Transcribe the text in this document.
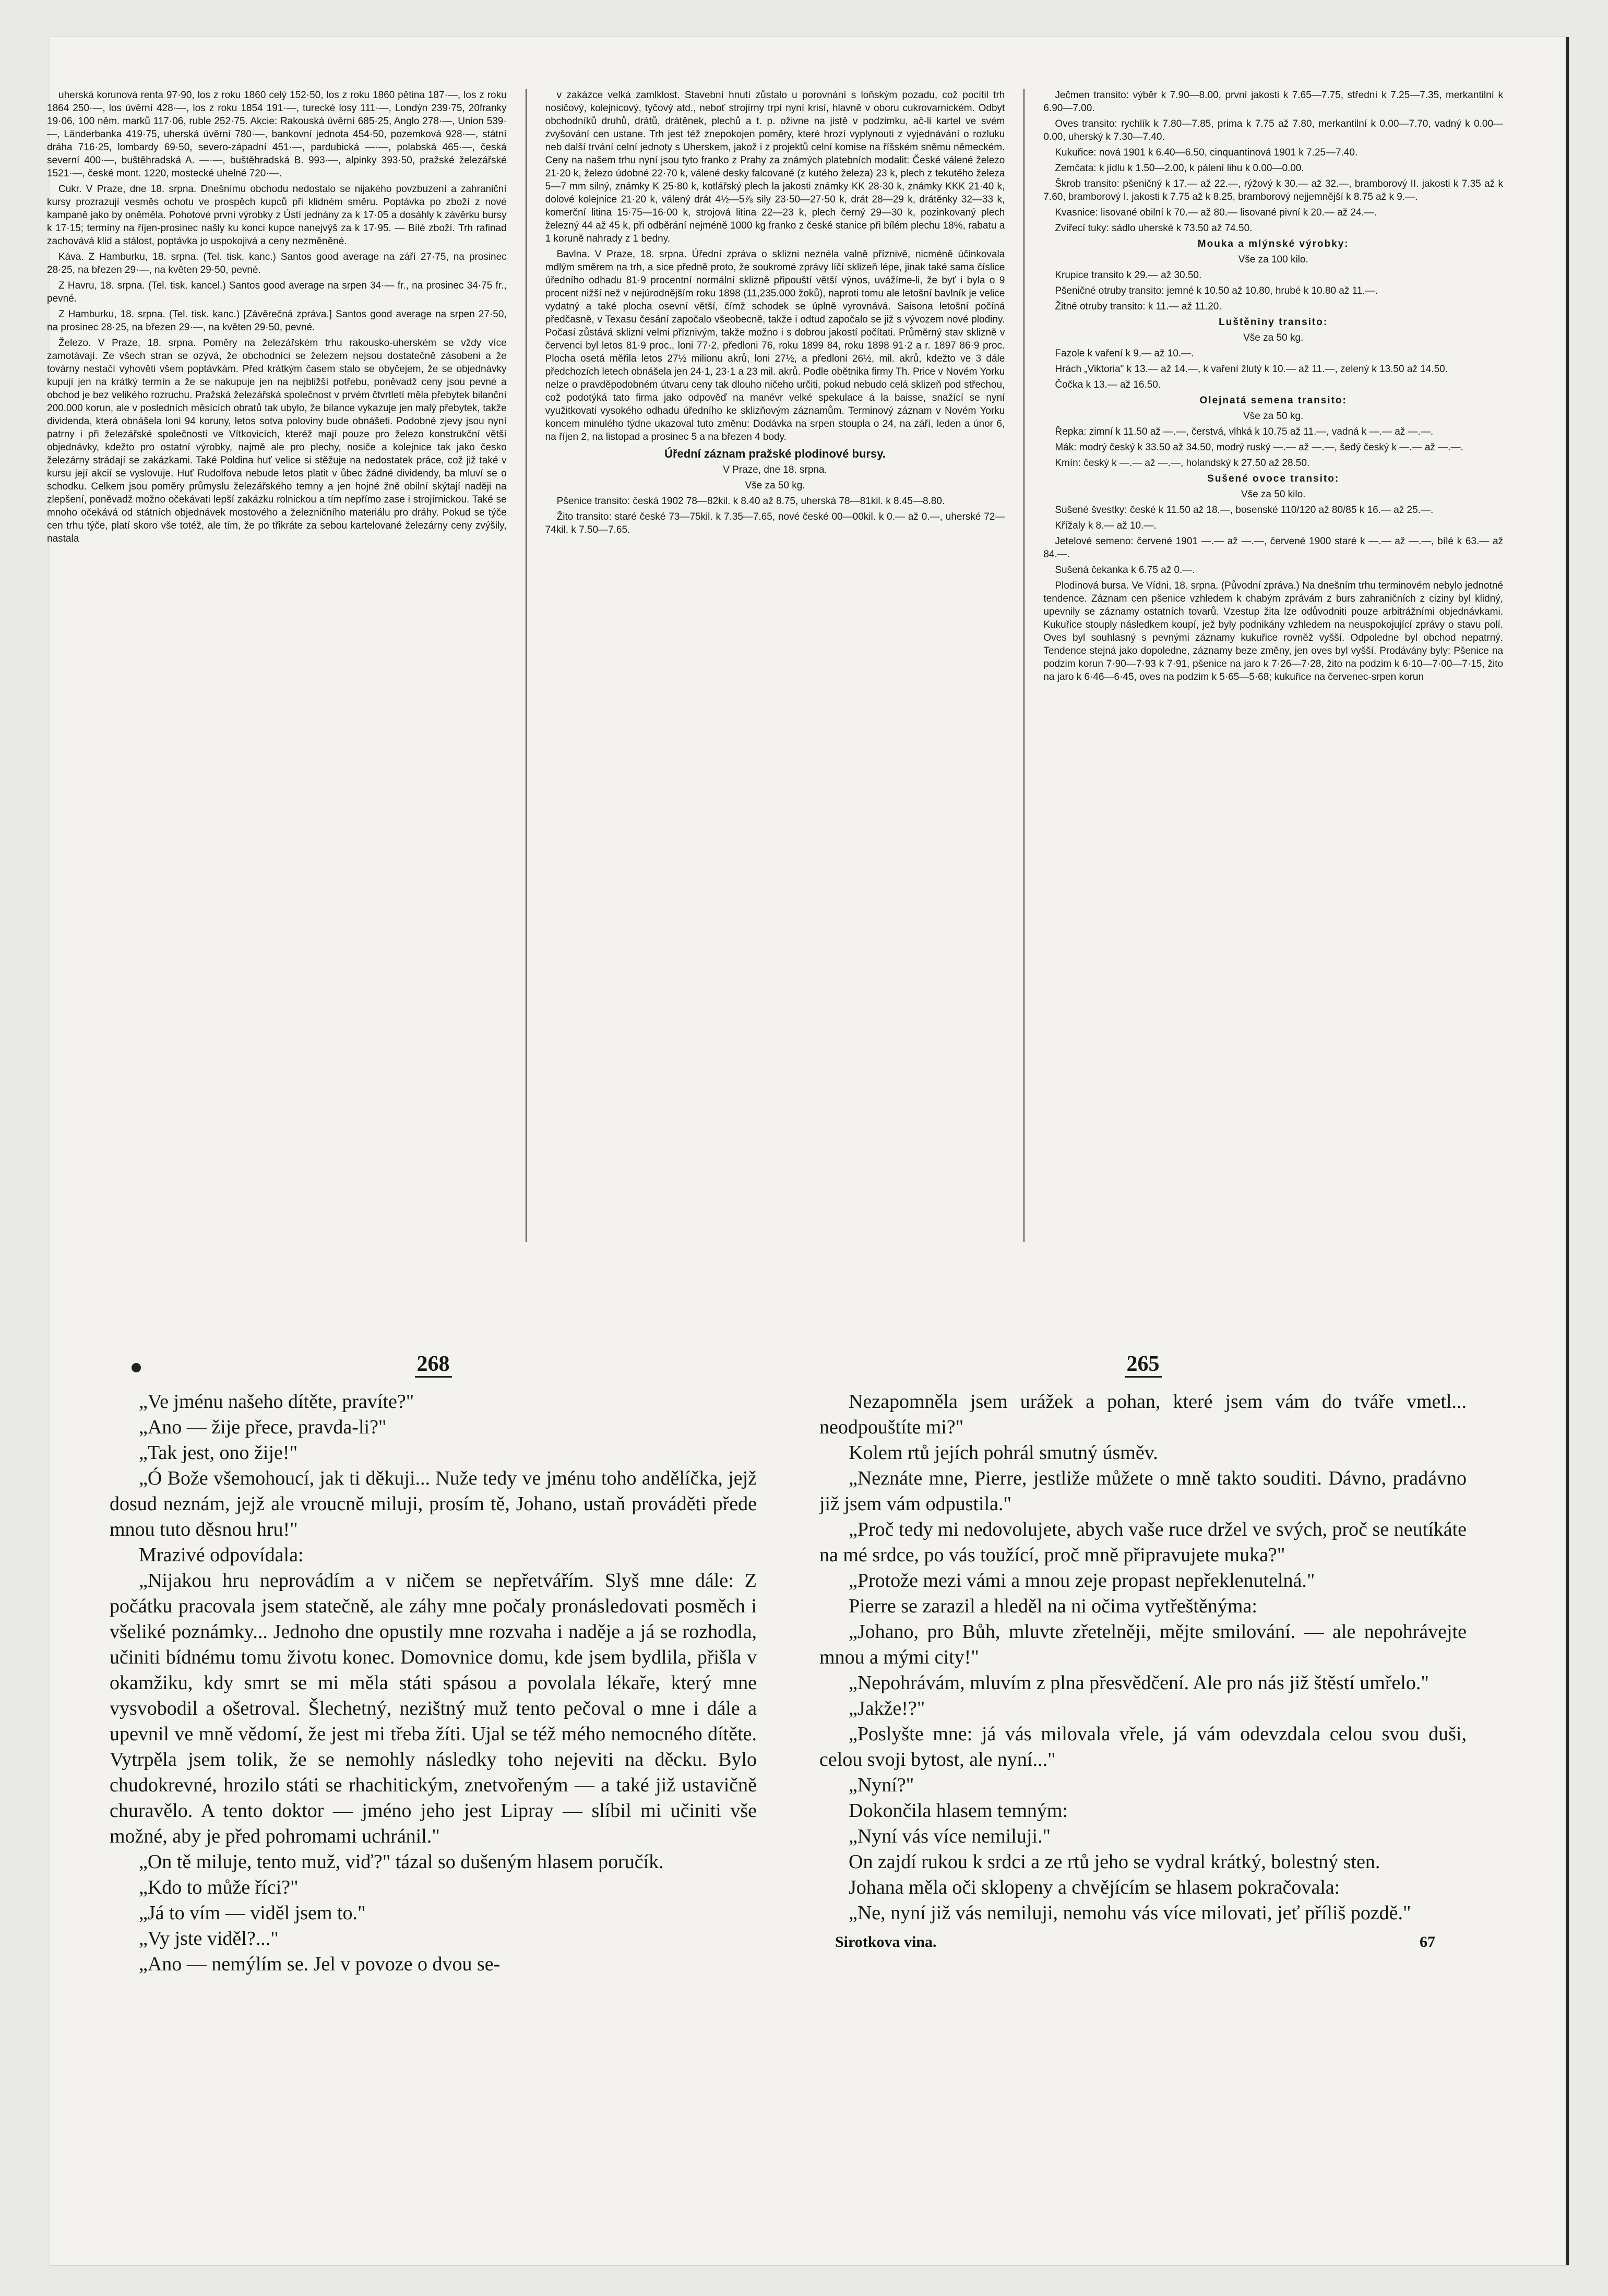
uherská korunová renta 97·90, los z roku 1860 celý 152·50, los z roku 1860 pětina 187·—, los z roku 1864 250·—, los úvěrní 428·—, los z roku 1854 191·—, turecké losy 111·—, Londýn 239·75, 20franky 19·06, 100 něm. marků 117·06, ruble 252·75. Akcie: Rakouská úvěrní 685·25, Anglo 278·—, Union 539·—, Länderbanka 419·75, uherská úvěrní 780·—, bankovní jednota 454·50, pozemková 928·—, státní dráha 716·25, lombardy 69·50, severo-západní 451·—, pardubická —·—, polabská 465·—, česká severní 400·—, buštěhradská A. —·—, buštěhradská B. 993·—, alpinky 393·50, pražské železářské 1521·—, české mont. 1220, mostecké uhelné 720·—.

Cukr. V Praze, dne 18. srpna. Dnešnímu obchodu nedostalo se nijakého povzbuzení a zahraniční kursy prozrazují vesměs ochotu ve prospěch kupců při klidném směru. Poptávka po zboží z nové kampaně jako by oněměla. Pohotové první výrobky z Ústí jednány za k 17·05 a dosáhly k závěrku bursy k 17·15; termíny na říjen-prosinec našly ku konci kupce nanejvýš za k 17·95. — Bílé zboží. Trh rafinad zachovává klid a stálost, poptávka jo uspokojivá a ceny nezměněné.

Káva. Z Hamburku, 18. srpna. (Tel. tisk. kanc.) Santos good average na září 27·75, na prosinec 28·25, na březen 29·—, na květen 29·50, pevné.

Z Havru, 18. srpna. (Tel. tisk. kancel.) Santos good average na srpen 34·— fr., na prosinec 34·75 fr., pevné.

Z Hamburku, 18. srpna. (Tel. tisk. kanc.) [Závěrečná zpráva.] Santos good average na srpen 27·50, na prosinec 28·25, na březen 29·—, na květen 29·50, pevné.

Železo. V Praze, 18. srpna. Poměry na železářském trhu rakousko-uherském se vždy více zamotávají. Ze všech stran se ozývá, že obchodníci se železem nejsou dostatečně zásobeni a že továrny nestačí vyhověti všem poptávkám. Před krátkým časem stalo se obyčejem, že se objednávky kupují jen na krátký termín a že se nakupuje jen na nejbližší potřebu, poněvadž ceny jsou pevné a obchod je bez velikého rozruchu. Pražská železářská společnost v prvém čtvrtletí měla přebytek bilanční 200.000 korun, ale v posledních měsících obratů tak ubylo, že bilance vykazuje jen malý přebytek, takže dividenda, která obnášela loni 94 koruny, letos sotva poloviny bude obnášeti. Podobné zjevy jsou nyní patrny i při železářské společnosti ve Vítkovicích, kteréž mají pouze pro železo konstrukční větší objednávky, kdežto pro ostatní výrobky, najmě ale pro plechy, nosiče a kolejnice tak jako česko železárny strádají se zakázkami. Také Poldina huť velice si stěžuje na nedostatek práce, což již také v kursu její akcií se vyslovuje. Huť Rudolfova nebude letos platit v ůbec žádné dividendy, ba mluví se o schodku. Celkem jsou poměry průmyslu železářského temny a jen hojné žně obilní skýtají naději na zlepšení, poněvadž možno očekávati lepší zakázku rolnickou a tím nepřímo zase i strojírnickou. Také se mnoho očekává od státních objednávek mostového a železničního materiálu pro dráhy. Pokud se týče cen trhu týče, platí skoro vše totéž, ale tím, že po třikráte za sebou kartelované železárny ceny zvýšily, nastala

v zakázce velká zamlklost. Stavební hnutí zůstalo u porovnání s loňským pozadu, což pocítil trh nosičový, kolejnicový, tyčový atd., neboť strojírny trpí nyní krisí, hlavně v oboru cukrovarnickém. Odbyt obchodníků druhů, drátů, drátěnek, plechů a t. p. oživne na jistě v podzimku, ač-li kartel ve svém zvyšování cen ustane. Trh jest též znepokojen poměry, které hrozí vyplynouti z vyjednávání o rozluku neb další trvání celní jednoty s Uherskem, jakož i z projektů celní komise na říšském sněmu německém. Ceny na našem trhu nyní jsou tyto franko z Prahy za známých platebních modalit: České válené železo 21·20 k, železo údobné 22·70 k, válené desky falcované (z kutého železa) 23 k, plech z tekutého železa 5—7 mm silný, známky K 25·80 k, kotlářský plech la jakosti známky KK 28·30 k, známky KKK 21·40 k, dolové kolejnice 21·20 k, válený drát 4½—5⅞ sily 23·50—27·50 k, drát 28—29 k, drátěnky 32—33 k, komerční litina 15·75—16·00 k, strojová litina 22—23 k, plech černý 29—30 k, pozinkovaný plech železný 44 až 45 k, při odběrání nejméně 1000 kg franko z české stanice při bílém plechu 18%, rabatu a 1 koruně nahrady z 1 bedny.

Bavlna. V Praze, 18. srpna. Úřední zpráva o sklizni neznéla valně příznivě, nicméně účinkovala mdlým směrem na trh, a sice předně proto, že soukromé zprávy líčí sklizeň lépe, jinak také sama číslice úředního odhadu 81·9 procentní normální sklizně připouští větší výnos, uvážíme-li, že byť i byla o 9 procent nižší než v nejúrodnějším roku 1898 (11,235.000 žoků), naproti tomu ale letošní bavlník je velice vydatný a také plocha osevní větší, čímž schodek se úplně vyrovnává. Saisona letošní počíná předčasně, v Texasu česání započalo všeobecně, takže i odtud započalo se již s vývozem nové plodiny. Počasí zůstává sklizni velmi příznivým, takže možno i s dobrou jakostí počítati. Průměrný stav sklizně v červenci byl letos 81·9 proc., loni 77·2, předloni 76, roku 1899 84, roku 1898 91·2 a r. 1897 86·9 proc. Plocha osetá měřila letos 27½ milionu akrů, loni 27½, a předloni 26½, mil. akrů, kdežto ve 3 dále předchozích letech obnášela jen 24·1, 23·1 a 23 mil. akrů. Podle obětnika firmy Th. Price v Novém Yorku nelze o pravděpodobném útvaru ceny tak dlouho ničeho určiti, pokud nebudo celá sklizeň pod střechou, což podotýká tato firma jako odpověď na manévr velké spekulace á la baisse, snažící se nyní využitkovati vysokého odhadu úředního ke sklizňovým záznamům. Terminový záznam v Novém Yorku koncem minulého týdne ukazoval tuto změnu: Dodávka na srpen stoupla o 24, na září, leden a únor 6, na říjen 2, na listopad a prosinec 5 a na březen 4 body.

Úřední záznam pražské plodinové bursy.

V Praze, dne 18. srpna.

Vše za 50 kg.

Pšenice transito: česká 1902 78—82kil. k 8.40 až 8.75, uherská 78—81kil. k 8.45—8.80.

Žito transito: staré české 73—75kil. k 7.35—7.65, nové české 00—00kil. k 0.— až 0.—, uherské 72—74kil. k 7.50—7.65.

Ječmen transito: výběr k 7.90—8.00, první jakosti k 7.65—7.75, střední k 7.25—7.35, merkantilní k 6.90—7.00.

Oves transito: rychlík k 7.80—7.85, prima k 7.75 až 7.80, merkantilní k 0.00—7.70, vadný k 0.00—0.00, uherský k 7.30—7.40.

Kukuřice: nová 1901 k 6.40—6.50, cinquantinová 1901 k 7.25—7.40.

Zemčata: k jídlu k 1.50—2.00, k pálení lihu k 0.00—0.00.

Škrob transito: pšeničný k 17.— až 22.—, rýžový k 30.— až 32.—, bramborový II. jakosti k 7.35 až k 7.60, bramborový I. jakosti k 7.75 až k 8.25, bramborový nejjemnější k 8.75 až k 9.—.

Kvasnice: lisované obilní k 70.— až 80.— lisované pivní k 20.— až 24.—.

Zvířecí tuky: sádlo uherské k 73.50 až 74.50.

Mouka a mlýnské výrobky:

Vše za 100 kilo.

Krupice transito k 29.— až 30.50.

Pšeničné otruby transito: jemné k 10.50 až 10.80, hrubé k 10.80 až 11.—.

Žitné otruby transito: k 11.— až 11.20.

Luštěniny transito:

Vše za 50 kg.

Fazole k vaření k 9.— až 10.—.

Hrách „Viktoria" k 13.— až 14.—, k vaření žlutý k 10.— až 11.—, zelený k 13.50 až 14.50.

Čočka k 13.— až 16.50.

Olejnatá semena transito:

Vše za 50 kg.

Řepka: zimní k 11.50 až —.—, čerstvá, vlhká k 10.75 až 11.—, vadná k —.— až —.—.

Mák: modrý český k 33.50 až 34.50, modrý ruský —.— až —.—, šedý český k —.— až —.—.

Kmín: český k —.— až —.—, holandský k 27.50 až 28.50.

Sušené ovoce transito:

Vše za 50 kilo.

Sušené švestky: české k 11.50 až 18.—, bosenské 110/120 až 80/85 k 16.— až 25.—.

Křížaly k 8.— až 10.—.

Jetelové semeno: červené 1901 —.— až —.—, červené 1900 staré k —.— až —.—, bílé k 63.— až 84.—.

Sušená čekanka k 6.75 až 0.—.

Plodinová bursa. Ve Vídni, 18. srpna. (Původní zpráva.) Na dnešním trhu terminovém nebylo jednotné tendence. Záznam cen pšenice vzhledem k chabým zprávám z burs zahraničních z ciziny byl klidný, upevnily se záznamy ostatních tovarů. Vzestup žita lze odůvodniti pouze arbitrážními objednávkami. Kukuřice stouply následkem koupí, jež byly podnikány vzhledem na neuspokojující zprávy o stavu polí. Oves byl souhlasný s pevnými záznamy kukuřice rovněž vyšší. Odpoledne byl obchod nepatrný. Tendence stejná jako dopoledne, záznamy beze změny, jen oves byl vyšší. Prodávány byly: Pšenice na podzim korun 7·90—7·93 k 7·91, pšenice na jaro k 7·26—7·28, žito na podzim k 6·10—7·00—7·15, žito na jaro k 6·46—6·45, oves na podzim k 5·65—5·68; kukuřice na červenec-srpen korun

268

„Ve jménu našeho dítěte, pravíte?"

„Ano — žije přece, pravda-li?"

„Tak jest, ono žije!"

„Ó Bože všemohoucí, jak ti děkuji... Nuže tedy ve jménu toho andělíčka, jejž dosud neznám, jejž ale vroucně miluji, prosím tě, Johano, ustaň prováděti přede mnou tuto děsnou hru!"

Mrazivé odpovídala:

„Nijakou hru neprovádím a v ničem se nepřetvářím. Slyš mne dále: Z počátku pracovala jsem statečně, ale záhy mne počaly pronásledovati posměch i všeliké poznámky... Jednoho dne opustily mne rozvaha i naděje a já se rozhodla, učiniti bídnému tomu životu konec. Domovnice domu, kde jsem bydlila, přišla v okamžiku, kdy smrt se mi měla státi spásou a povolala lékaře, který mne vysvobodil a ošetroval. Šlechetný, nezištný muž tento pečoval o mne i dále a upevnil ve mně vědomí, že jest mi třeba žíti. Ujal se též mého nemocného dítěte. Vytrpěla jsem tolik, že se nemohly následky toho nejeviti na děcku. Bylo chudokrevné, hrozilo státi se rhachitickým, znetvořeným — a také již ustavičně churavělo. A tento doktor — jméno jeho jest Lipray — slíbil mi učiniti vše možné, aby je před pohromami uchránil."

„On tě miluje, tento muž, viď?" tázal so dušeným hlasem poručík.

„Kdo to může říci?"

„Já to vím — viděl jsem to."

„Vy jste viděl?..."

„Ano — nemýlím se. Jel v povoze o dvou se-

265

Nezapomněla jsem urážek a pohan, které jsem vám do tváře vmetl... neodpouštíte mi?"

Kolem rtů jejích pohrál smutný úsměv.

„Neznáte mne, Pierre, jestliže můžete o mně takto souditi. Dávno, pradávno již jsem vám odpustila."

„Proč tedy mi nedovolujete, abych vaše ruce držel ve svých, proč se neutíkáte na mé srdce, po vás toužící, proč mně připravujete muka?"

„Protože mezi vámi a mnou zeje propast nepřeklenutelná."

Pierre se zarazil a hleděl na ni očima vytřeštěnýma:

„Johano, pro Bůh, mluvte zřetelněji, mějte smilování. — ale nepohrávejte mnou a mými city!"

„Nepohrávám, mluvím z plna přesvědčení. Ale pro nás již štěstí umřelo."

„Jakže!?"

„Poslyšte mne: já vás milovala vřele, já vám odevzdala celou svou duši, celou svoji bytost, ale nyní..."

„Nyní?"

Dokončila hlasem temným:

„Nyní vás více nemiluji."

On zajdí rukou k srdci a ze rtů jeho se vydral krátký, bolestný sten.

Johana měla oči sklopeny a chvějícím se hlasem pokračovala:

„Ne, nyní již vás nemiluji, nemohu vás více milovati, jeť příliš pozdě."

Sirotkova vina.	67
